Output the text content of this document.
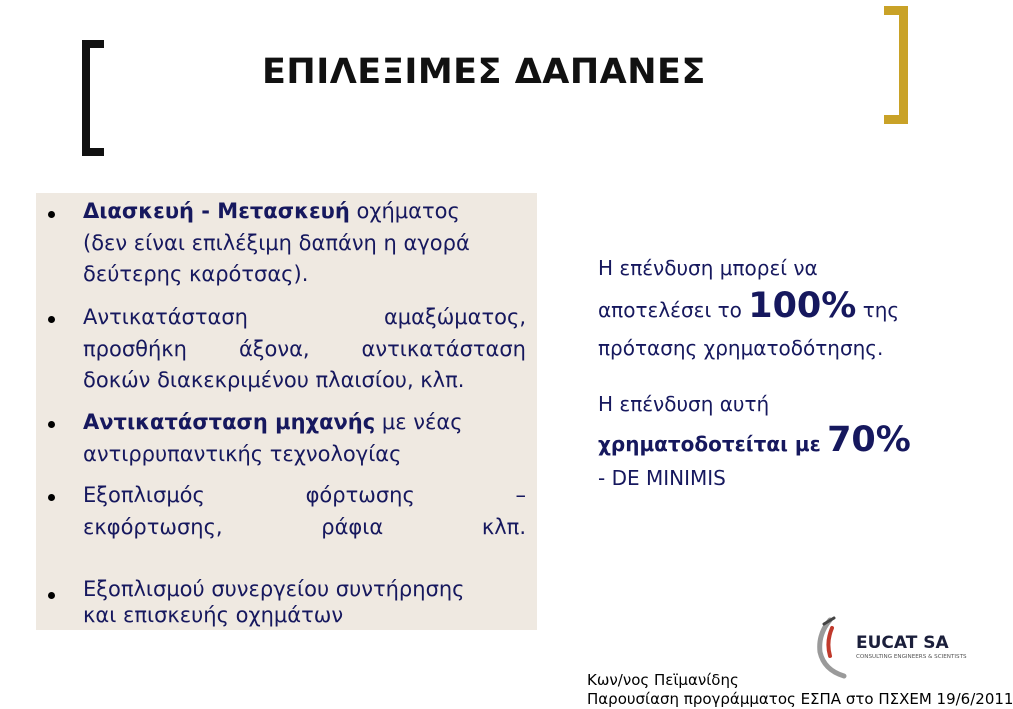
ΕΠΙΛΕΞΙΜΕΣ ΔΑΠΑΝΕΣ
Διασκευή - Μετασκευή οχήματος
(δεν είναι επιλέξιμη δαπάνη η αγορά
δεύτερης καρότσας).
Αντικατάσταση αμαξώματος,
προσθήκη άξονα, αντικατάσταση
δοκών διακεκριμένου πλαισίου, κλπ.
Αντικατάσταση μηχανής με νέας
αντιρρυπαντικής τεχνολογίας
Εξοπλισμός φόρτωσης –
εκφόρτωσης, ράφια κλπ.
Εξοπλισμού συνεργείου συντήρησης
και επισκευής οχημάτων
Η επένδυση μπορεί να
αποτελέσει το 100% της
πρότασης χρηματοδότησης.
Η επένδυση αυτή
χρηματοδοτείται με 70%
- DE MINIMIS
EUCAT SA
CONSULTING ENGINEERS & SCIENTISTS
Κων/νος Πεϊμανίδης
Παρουσίαση προγράμματος ΕΣΠΑ στο ΠΣΧΕΜ 19/6/2011
